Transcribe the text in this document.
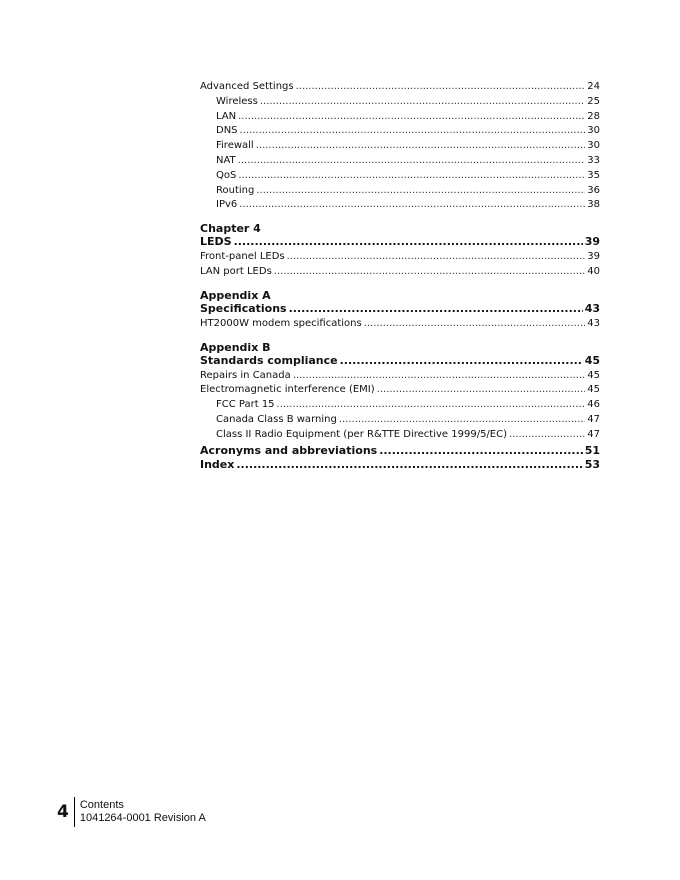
Advanced Settings .....	24
Wireless .....	25
LAN .....	28
DNS .....	30
Firewall .....	30
NAT .....	33
QoS .....	35
Routing .....	36
IPv6 .....	38
Chapter 4
LEDS .....	39
Front-panel LEDs .....	39
LAN port LEDs .....	40
Appendix A
Specifications .....	43
HT2000W modem specifications .....	43
Appendix B
Standards compliance .....	45
Repairs in Canada .....	45
Electromagnetic interference (EMI) .....	45
FCC Part 15 .....	46
Canada Class B warning .....	47
Class II Radio Equipment (per R&TTE Directive 1999/5/EC) .....	47
Acronyms and abbreviations .....	51
Index .....	53
4	Contents
1041264-0001 Revision A
